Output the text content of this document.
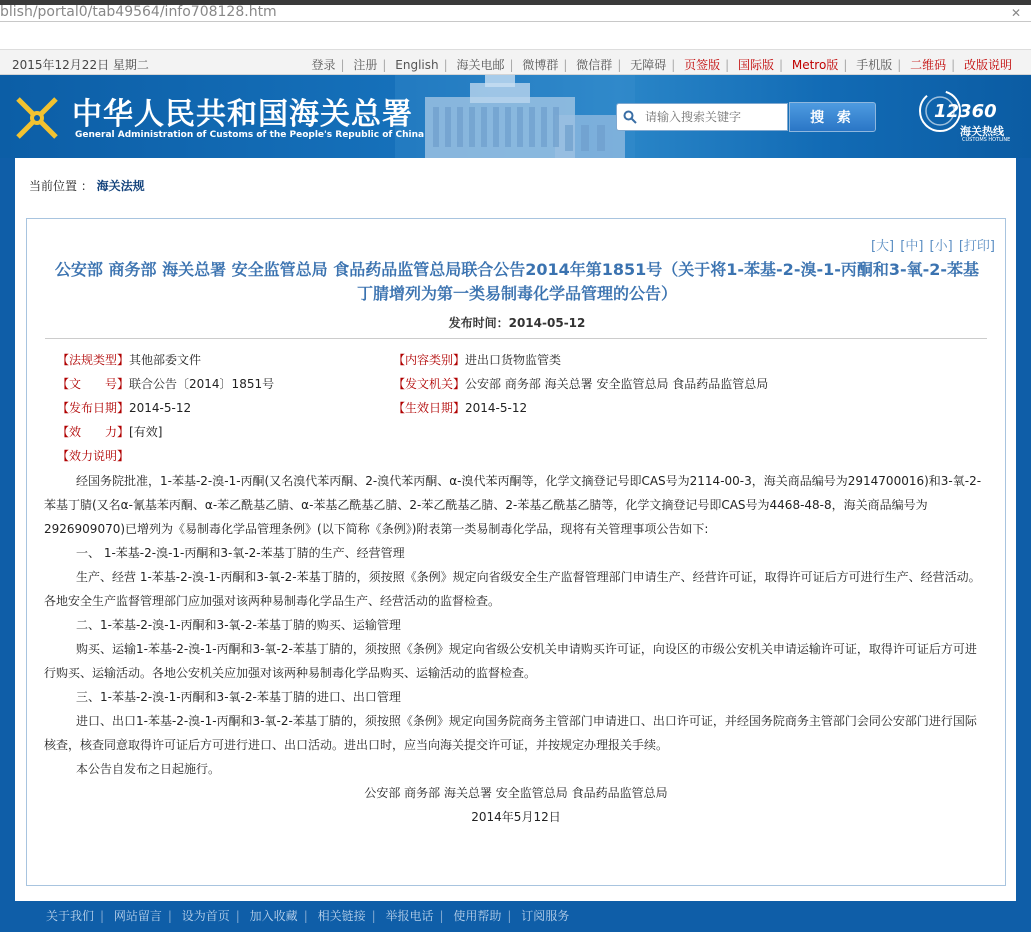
blish/portal0/tab49564/info708128.htm	✕
2015年12月22日 星期二	登录 | 注册 | English | 海关电邮 | 微博群 | 微信群 | 无障碍 | 页签版 | 国际版 | Metro版 | 手机版 | 二维码 | 改版说明
中华人民共和国海关总署
General Administration of Customs of the People's Republic of China
请输入搜索关键字
搜 索	12360
海关热线
CUSTOMS HOTLINE
当前位置 ： 海关法规
[大] [中] [小] [打印]
公安部 商务部 海关总署 安全监管总局 食品药品监管总局联合公告2014年第1851号（关于将1-苯基-2-溴-1-丙酮和3-氧-2-苯基丁腈增列为第一类易制毒化学品管理的公告）
发布时间：2014-05-12
【法规类型】其他部委文件	【内容类别】进出口货物监管类
【文　　号】联合公告〔2014〕1851号	【发文机关】公安部 商务部 海关总署 安全监管总局 食品药品监管总局
【发布日期】2014-5-12	【生效日期】2014-5-12
【效　　力】[有效]
【效力说明】

经国务院批准，1-苯基-2-溴-1-丙酮(又名溴代苯丙酮、2-溴代苯丙酮、α-溴代苯丙酮等，化学文摘登记号即CAS号为2114-00-3，海关商品编号为2914700016)和3-氧-2-苯基丁腈(又名α-氰基苯丙酮、α-苯乙酰基乙腈、α-苯基乙酰基乙腈、2-苯乙酰基乙腈、2-苯基乙酰基乙腈等，化学文摘登记号即CAS号为4468-48-8，海关商品编号为2926909070)已增列为《易制毒化学品管理条例》(以下简称《条例》)附表第一类易制毒化学品，现将有关管理事项公告如下:

一、 1-苯基-2-溴-1-丙酮和3-氧-2-苯基丁腈的生产、经营管理

生产、经营 1-苯基-2-溴-1-丙酮和3-氧-2-苯基丁腈的，须按照《条例》规定向省级安全生产监督管理部门申请生产、经营许可证，取得许可证后方可进行生产、经营活动。各地安全生产监督管理部门应加强对该两种易制毒化学品生产、经营活动的监督检查。

二、1-苯基-2-溴-1-丙酮和3-氧-2-苯基丁腈的购买、运输管理

购买、运输1-苯基-2-溴-1-丙酮和3-氧-2-苯基丁腈的，须按照《条例》规定向省级公安机关申请购买许可证，向设区的市级公安机关申请运输许可证，取得许可证后方可进行购买、运输活动。各地公安机关应加强对该两种易制毒化学品购买、运输活动的监督检查。

三、1-苯基-2-溴-1-丙酮和3-氧-2-苯基丁腈的进口、出口管理

进口、出口1-苯基-2-溴-1-丙酮和3-氧-2-苯基丁腈的，须按照《条例》规定向国务院商务主管部门申请进口、出口许可证，并经国务院商务主管部门会同公安部门进行国际核查，核查同意取得许可证后方可进行进口、出口活动。进出口时，应当向海关提交许可证，并按规定办理报关手续。

本公告自发布之日起施行。

公安部 商务部 海关总署 安全监管总局 食品药品监管总局

2014年5月12日

关于我们 | 网站留言 | 设为首页 | 加入收藏 | 相关链接 | 举报电话 | 使用帮助 | 订阅服务
